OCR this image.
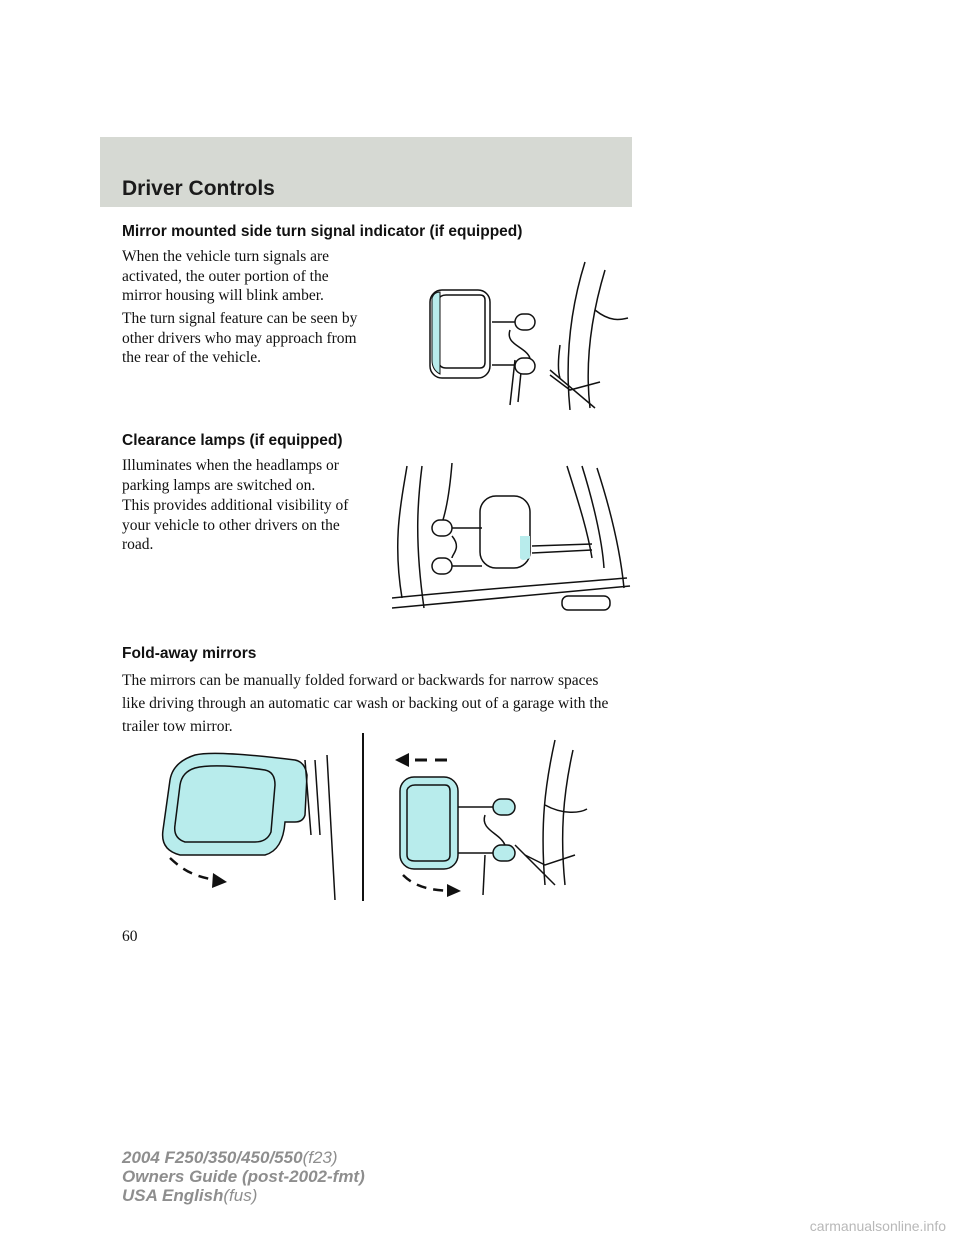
Driver Controls
Mirror mounted side turn signal indicator (if equipped)
When the vehicle turn signals are activated, the outer portion of the mirror housing will blink amber.
The turn signal feature can be seen by other drivers who may approach from the rear of the vehicle.
Clearance lamps (if equipped)
Illuminates when the headlamps or parking lamps are switched on.
This provides additional visibility of your vehicle to other drivers on the road.
Fold-away mirrors
The mirrors can be manually folded forward or backwards for narrow spaces like driving through an automatic car wash or backing out of a garage with the trailer tow mirror.
60
2004 F250/350/450/550(f23)
Owners Guide (post-2002-fmt)
USA English(fus)
carmanualsonline.info
